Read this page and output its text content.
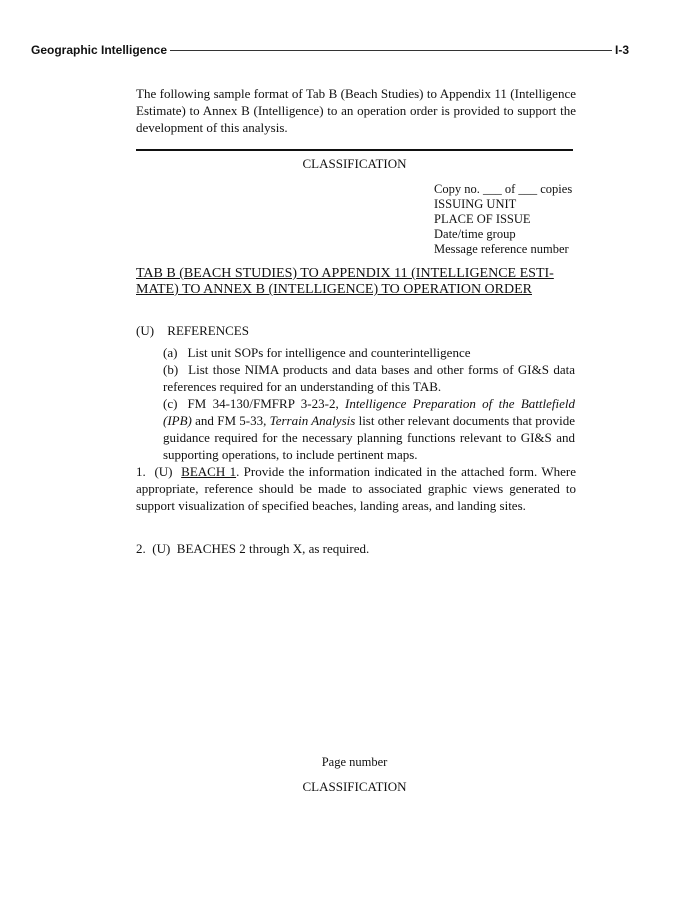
Geographic Intelligence	I-3
The following sample format of Tab B (Beach Studies) to Appendix 11 (Intelligence Estimate) to Annex B (Intelligence) to an operation order is provided to support the development of this analysis.
CLASSIFICATION
Copy no. ___ of ___ copies
ISSUING UNIT
PLACE OF ISSUE
Date/time group
Message reference number
TAB B (BEACH STUDIES) TO APPENDIX 11 (INTELLIGENCE ESTI-
MATE) TO ANNEX B (INTELLIGENCE) TO OPERATION ORDER
(U) REFERENCES
(a) List unit SOPs for intelligence and counterintelligence
(b) List those NIMA products and data bases and other forms of GI&S data references required for an understanding of this TAB.
(c) FM 34-130/FMFRP 3-23-2, Intelligence Preparation of the Battlefield (IPB) and FM 5-33, Terrain Analysis list other relevant documents that provide guidance required for the necessary planning functions relevant to GI&S and supporting operations, to include pertinent maps.
1. (U) BEACH 1. Provide the information indicated in the attached form. Where appropriate, reference should be made to associated graphic views generated to support visualization of specified beaches, landing areas, and landing sites.
2. (U) BEACHES 2 through X, as required.
Page number
CLASSIFICATION
